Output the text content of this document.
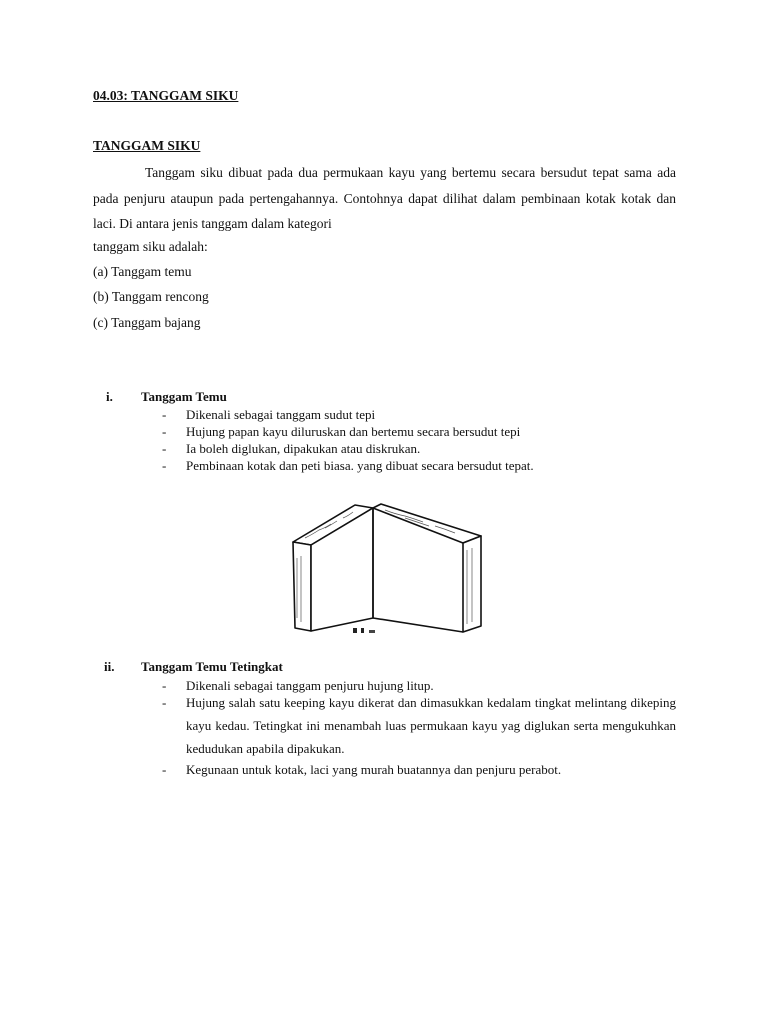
04.03: TANGGAM SIKU
TANGGAM SIKU
Tanggam siku dibuat pada dua permukaan kayu yang bertemu secara bersudut tepat sama ada pada penjuru ataupun pada pertengahannya. Contohnya dapat dilihat dalam pembinaan kotak kotak dan laci. Di antara jenis tanggam dalam kategori
tanggam siku adalah:
(a) Tanggam temu
(b) Tanggam rencong
(c) Tanggam bajang
i. Tanggam Temu
- Dikenali sebagai tanggam sudut tepi
- Hujung papan kayu diluruskan dan bertemu secara bersudut tepi
- Ia boleh diglukan, dipakukan atau diskrukan.
- Pembinaan kotak dan peti biasa. yang dibuat secara bersudut tepat.
ii. Tanggam Temu Tetingkat
- Dikenali sebagai tanggam penjuru hujung litup.
- Hujung salah satu keeping kayu dikerat dan dimasukkan kedalam tingkat melintang dikeping kayu kedau. Tetingkat ini menambah luas permukaan kayu yag diglukan serta mengukuhkan kedudukan apabila dipakukan.
- Kegunaan untuk kotak, laci yang murah buatannya dan penjuru perabot.
